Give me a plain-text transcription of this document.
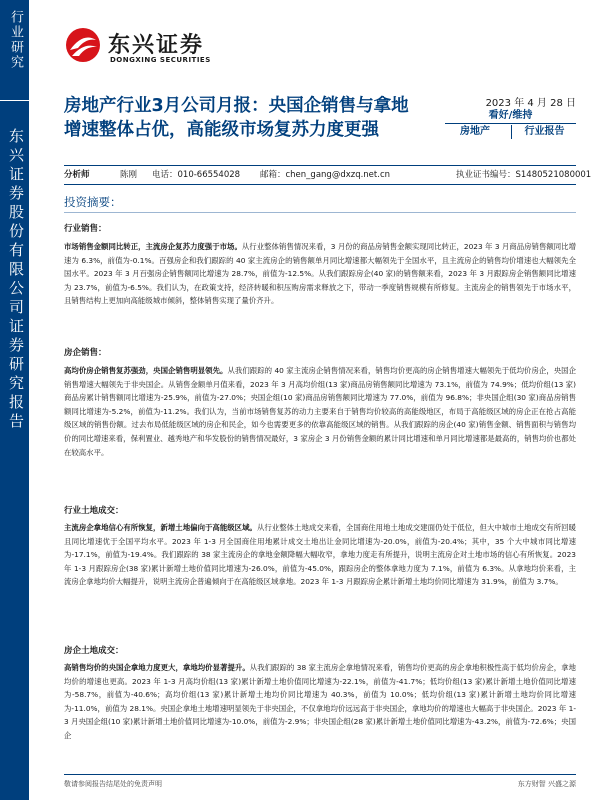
行业研究
东兴证券股份有限公司证券研究报告
东兴证券
DONGXING SECURITIES
房地产行业3月公司月报：央国企销售与拿地增速整体占优，高能级市场复苏力度更强
2023 年 4 月 28 日
看好/维持
房地产	行业报告
分析师	陈刚 电话：010-66554028 邮箱：chen_gang@dxzq.net.cn	执业证书编号：S1480521080001
投资摘要：
行业销售：
市场销售金额同比转正，主流房企复苏力度强于市场。从行业整体销售情况来看，3 月份的商品房销售金额实现同比转正，2023 年 3 月商品房销售额同比增速为 6.3%，前值为-0.1%。百强房企和我们跟踪的 40 家主流房企的销售额单月同比增速都大幅领先于全国水平，且主流房企的销售均价增速也大幅领先全国水平。2023 年 3 月百强房企销售额同比增速为 28.7%，前值为-12.5%。从我们跟踪房企(40 家)的销售额来看，2023 年 3 月跟踪房企销售额同比增速为 23.7%，前值为-6.5%。我们认为，在政策支持，经济转暖和积压购房需求释放之下，带动一季度销售规模有所修复。主流房企的销售领先于市场水平，且销售结构上更加向高能级城市倾斜，整体销售实现了量价齐升。
房企销售：
高均价房企销售复苏强劲，央国企销售明显领先。从我们跟踪的 40 家主流房企销售情况来看，销售均价更高的房企销售增速大幅领先于低均价房企，央国企销售增速大幅领先于非央国企。从销售金额单月值来看，2023 年 3 月高均价组(13 家)商品房销售额同比增速为 73.1%，前值为 74.9%；低均价组(13 家)商品房累计销售额同比增速为-25.9%，前值为-27.0%；央国企组(10 家)商品房销售额同比增速为 77.0%，前值为 96.8%；非央国企组(30 家)商品房销售额同比增速为-5.2%，前值为-11.2%。我们认为，当前市场销售复苏的动力主要来自于销售均价较高的高能级地区，布局于高能级区域的房企正在抢占高能级区域的销售份额。过去布局低能级区域的房企和民企，如今也需要更多的依靠高能级区域的销售。从我们跟踪的房企(40 家)销售金额、销售面积与销售均价的同比增速来看，保利置业、越秀地产和华发股份的销售情况最好，3 家房企 3 月份销售金额的累计同比增速和单月同比增速都是最高的，销售均价也都处在较高水平。
行业土地成交：
主流房企拿地信心有所恢复，新增土地偏向于高能级区域。从行业整体土地成交来看，全国商住用地土地成交建面仍处于低位，但大中城市土地成交有所回暖且同比增速优于全国平均水平。2023 年 1-3 月全国商住用地累计成交土地出让金同比增速为-20.0%，前值为-20.4%；其中，35 个大中城市同比增速为-17.1%，前值为-19.4%。我们跟踪的 38 家主流房企的拿地金额降幅大幅收窄，拿地力度走有所提升，说明主流房企对土地市场的信心有所恢复。2023 年 1-3 月跟踪房企(38 家)累计新增土地价值同比增速为-26.0%，前值为-45.0%，跟踪房企的整体拿地力度为 7.1%，前值为 6.3%。从拿地均价来看，主流房企拿地均价大幅提升，说明主流房企普遍倾向于在高能级区域拿地。2023 年 1-3 月跟踪房企累计新增土地均价同比增速为 31.9%，前值为 3.7%。
房企土地成交：
高销售均价的央国企拿地力度更大，拿地均价显著提升。从我们跟踪的 38 家主流房企拿地情况来看，销售均价更高的房企拿地积极性高于低均价房企，拿地均价的增速也更高。2023 年 1-3 月高均价组(13 家)累计新增土地价值同比增速为-22.1%，前值为-41.7%；低均价组(13 家)累计新增土地价值同比增速为-58.7%，前值为-40.6%；高均价组(13 家)累计新增土地均价同比增速为 40.3%，前值为 10.0%；低均价组(13 家)累计新增土地均价同比增速为-11.0%，前值为 28.1%。央国企拿地土地增速明显领先于非央国企，不仅拿地均价远远高于非央国企，拿地均价的增速也大幅高于非央国企。2023 年 1-3 月央国企组(10 家)累计新增土地价值同比增速为-10.0%，前值为-2.9%；非央国企组(28 家)累计新增土地价值同比增速为-43.2%，前值为-72.6%；央国企
敬请参阅报告结尾处的免责声明	东方财智 兴盛之源
